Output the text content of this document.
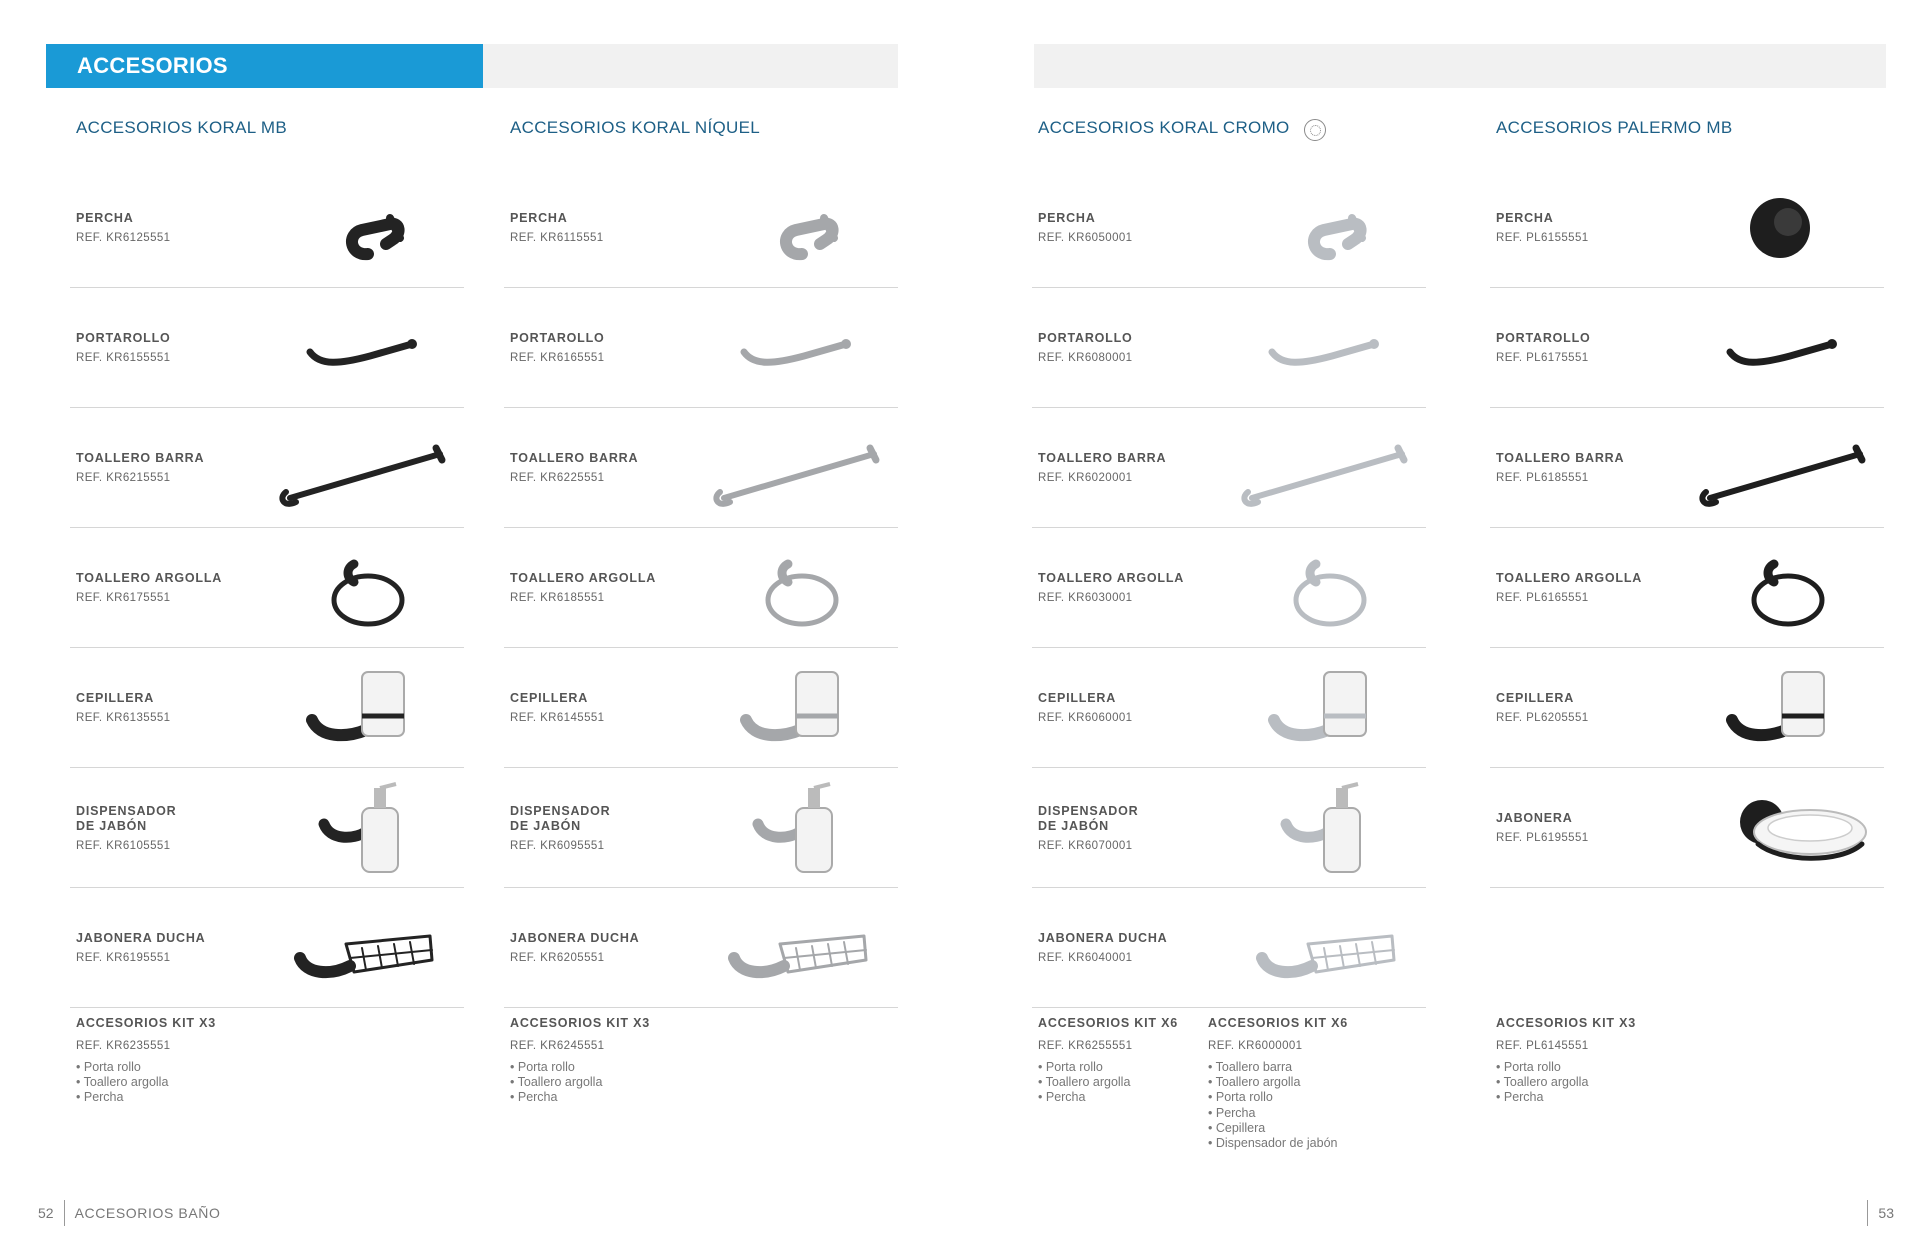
ACCESORIOS
ACCESORIOS KORAL MB
PERCHA
REF. KR6125551
PORTAROLLO
REF. KR6155551
TOALLERO BARRA
REF. KR6215551
TOALLERO ARGOLLA
REF. KR6175551
CEPILLERA
REF. KR6135551
DISPENSADOR
DE JABÓN
REF. KR6105551
JABONERA DUCHA
REF. KR6195551
ACCESORIOS KIT X3
REF. KR6235551
• Porta rollo
• Toallero argolla
• Percha
ACCESORIOS KORAL NÍQUEL
PERCHA
REF. KR6115551
PORTAROLLO
REF. KR6165551
TOALLERO BARRA
REF. KR6225551
TOALLERO ARGOLLA
REF. KR6185551
CEPILLERA
REF. KR6145551
DISPENSADOR
DE JABÓN
REF. KR6095551
JABONERA DUCHA
REF. KR6205551
ACCESORIOS KIT X3
REF. KR6245551
• Porta rollo
• Toallero argolla
• Percha
ACCESORIOS KORAL CROMO
PERCHA
REF. KR6050001
PORTAROLLO
REF. KR6080001
TOALLERO BARRA
REF. KR6020001
TOALLERO ARGOLLA
REF. KR6030001
CEPILLERA
REF. KR6060001
DISPENSADOR
DE JABÓN
REF. KR6070001
JABONERA DUCHA
REF. KR6040001
ACCESORIOS KIT X6
REF. KR6255551
• Porta rollo
• Toallero argolla
• Percha
ACCESORIOS KIT X6
REF. KR6000001
• Toallero barra
• Toallero argolla
• Porta rollo
• Percha
• Cepillera
• Dispensador de jabón
ACCESORIOS PALERMO MB
PERCHA
REF. PL6155551
PORTAROLLO
REF. PL6175551
TOALLERO BARRA
REF. PL6185551
TOALLERO ARGOLLA
REF. PL6165551
CEPILLERA
REF. PL6205551
JABONERA
REF. PL6195551
ACCESORIOS KIT X3
REF. PL6145551
• Porta rollo
• Toallero argolla
• Percha
52 ACCESORIOS BAÑO	53
